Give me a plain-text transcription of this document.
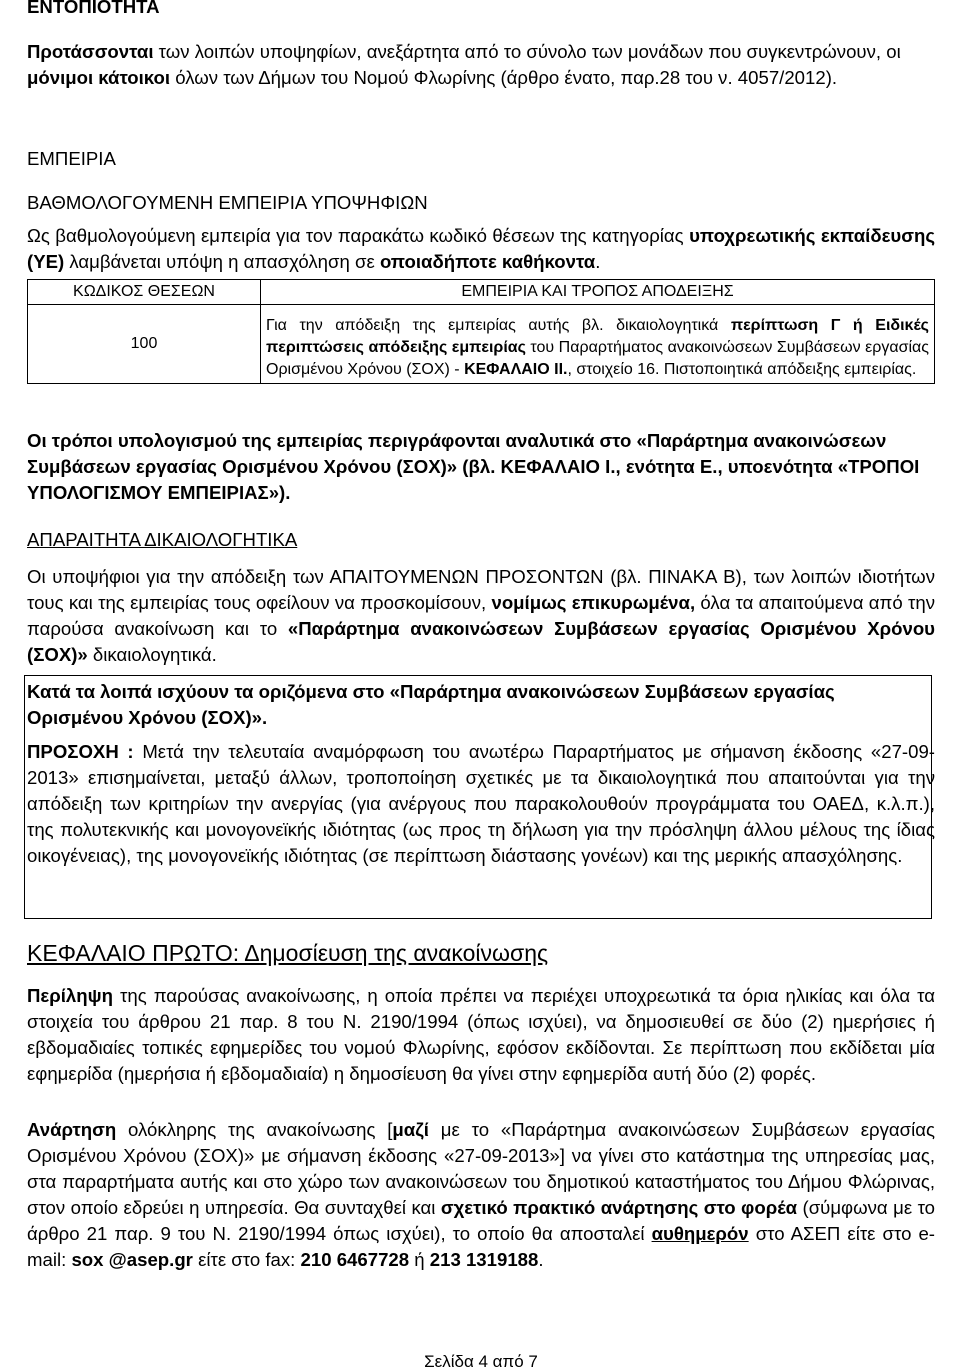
ΕΝΤΟΠΙΟΤΗΤΑ

Προτάσσονται των λοιπών υποψηφίων, ανεξάρτητα από το σύνολο των μονάδων που συγκεντρώνουν, οι μόνιμοι κάτοικοι όλων των Δήμων του Νομού Φλωρίνης (άρθρο ένατο, παρ.28 του ν. 4057/2012).

ΕΜΠΕΙΡΙΑ
ΒΑΘΜΟΛΟΓΟΥΜΕΝΗ ΕΜΠΕΙΡΙΑ ΥΠΟΨΗΦΙΩΝ

Ως βαθμολογούμενη εμπειρία για τον παρακάτω κωδικό θέσεων της κατηγορίας υποχρεωτικής εκπαίδευσης (ΥΕ) λαμβάνεται υπόψη η απασχόληση σε οποιαδήποτε καθήκοντα.

ΚΩΔΙΚΟΣ ΘΕΣΕΩΝ	ΕΜΠΕΙΡΙΑ ΚΑΙ ΤΡΟΠΟΣ ΑΠΟΔΕΙΞΗΣ
100	Για την απόδειξη της εμπειρίας αυτής βλ. δικαιολογητικά περίπτωση Γ ή Ειδικές περιπτώσεις απόδειξης εμπειρίας του Παραρτήματος ανακοινώσεων Συμβάσεων εργασίας Ορισμένου Χρόνου (ΣΟΧ) - ΚΕΦΑΛΑΙΟ ΙΙ., στοιχείο 16. Πιστοποιητικά απόδειξης εμπειρίας.

Οι τρόποι υπολογισμού της εμπειρίας περιγράφονται αναλυτικά στο «Παράρτημα ανακοινώσεων Συμβάσεων εργασίας Ορισμένου Χρόνου (ΣΟΧ)» (βλ. ΚΕΦΑΛΑΙΟ Ι., ενότητα Ε., υποενότητα «ΤΡΟΠΟΙ ΥΠΟΛΟΓΙΣΜΟΥ ΕΜΠΕΙΡΙΑΣ»).

ΑΠΑΡΑΙΤΗΤΑ ΔΙΚΑΙΟΛΟΓΗΤΙΚΑ

Οι υποψήφιοι για την απόδειξη των ΑΠΑΙΤΟΥΜΕΝΩΝ ΠΡΟΣΟΝΤΩΝ (βλ. ΠΙΝΑΚΑ Β), των λοιπών ιδιοτήτων τους και της εμπειρίας τους οφείλουν να προσκομίσουν, νομίμως επικυρωμένα, όλα τα απαιτούμενα από την παρούσα ανακοίνωση και το «Παράρτημα ανακοινώσεων Συμβάσεων εργασίας Ορισμένου Χρόνου (ΣΟΧ)» δικαιολογητικά.

Κατά τα λοιπά ισχύουν τα οριζόμενα στο «Παράρτημα ανακοινώσεων Συμβάσεων εργασίας Ορισμένου Χρόνου (ΣΟΧ)».

ΠΡΟΣΟΧΗ : Μετά την τελευταία αναμόρφωση του ανωτέρω Παραρτήματος με σήμανση έκδοσης «27-09-2013» επισημαίνεται, μεταξύ άλλων, τροποποίηση σχετικές με τα δικαιολογητικά που απαιτούνται για την απόδειξη των κριτηρίων την ανεργίας (για ανέργους που παρακολουθούν προγράμματα του ΟΑΕΔ, κ.λ.π.), της πολυτεκνικής και μονογονεϊκής ιδιότητας (ως προς τη δήλωση για την πρόσληψη άλλου μέλους της ίδιας οικογένειας), της μονογονεϊκής ιδιότητας (σε περίπτωση διάστασης γονέων) και της μερικής απασχόλησης.

ΚΕΦΑΛΑΙΟ ΠΡΩΤΟ: Δημοσίευση της ανακοίνωσης

Περίληψη της παρούσας ανακοίνωσης, η οποία πρέπει να περιέχει υποχρεωτικά τα όρια ηλικίας και όλα τα στοιχεία του άρθρου 21 παρ. 8 του Ν. 2190/1994 (όπως ισχύει), να δημοσιευθεί σε δύο (2) ημερήσιες ή εβδομαδιαίες τοπικές εφημερίδες του νομού Φλωρίνης, εφόσον εκδίδονται. Σε περίπτωση που εκδίδεται μία εφημερίδα (ημερήσια ή εβδομαδιαία) η δημοσίευση θα γίνει στην εφημερίδα αυτή δύο (2) φορές.

Ανάρτηση ολόκληρης της ανακοίνωσης [μαζί με το «Παράρτημα ανακοινώσεων Συμβάσεων εργασίας Ορισμένου Χρόνου (ΣΟΧ)» με σήμανση έκδοσης «27-09-2013»] να γίνει στο κατάστημα της υπηρεσίας μας, στα παραρτήματα αυτής και στο χώρο των ανακοινώσεων του δημοτικού καταστήματος του Δήμου Φλώρινας, στον οποίο εδρεύει η υπηρεσία. Θα συνταχθεί και σχετικό πρακτικό ανάρτησης στο φορέα (σύμφωνα με το άρθρο 21 παρ. 9 του Ν. 2190/1994 όπως ισχύει), το οποίο θα αποσταλεί αυθημερόν στο ΑΣΕΠ είτε στο e-mail: sox @asep.gr είτε στο fax: 210 6467728 ή 213 1319188.

Σελίδα 4 από 7
